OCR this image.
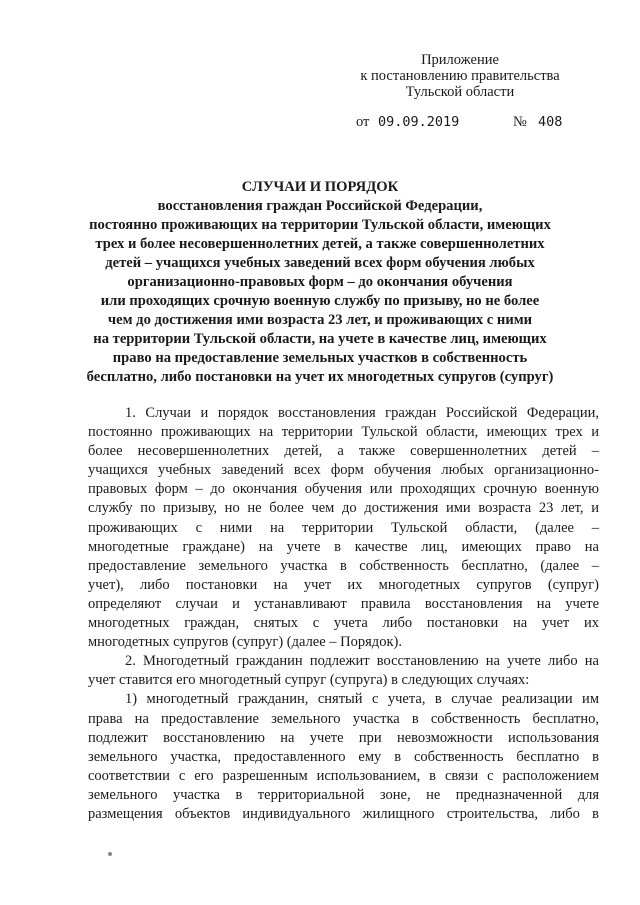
Приложение
к постановлению правительства
Тульской области
от 09.09.2019	№ 408
СЛУЧАИ И ПОРЯДОК
восстановления граждан Российской Федерации,
постоянно проживающих на территории Тульской области, имеющих
трех и более несовершеннолетних детей, а также совершеннолетних
детей – учащихся учебных заведений всех форм обучения любых
организационно-правовых форм – до окончания обучения
или проходящих срочную военную службу по призыву, но не более
чем до достижения ими возраста 23 лет, и проживающих с ними
на территории Тульской области, на учете в качестве лиц, имеющих
право на предоставление земельных участков в собственность
бесплатно, либо постановки на учет их многодетных супругов (супруг)

1. Случаи и порядок восстановления граждан Российской Федерации,
постоянно проживающих на территории Тульской области, имеющих трех и
более несовершеннолетних детей, а также совершеннолетних детей –
учащихся учебных заведений всех форм обучения любых организационно-
правовых форм – до окончания обучения или проходящих срочную военную
службу по призыву, но не более чем до достижения ими возраста 23 лет, и
проживающих с ними на территории Тульской области, (далее –
многодетные граждане) на учете в качестве лиц, имеющих право на
предоставление земельного участка в собственность бесплатно, (далее –
учет), либо постановки на учет их многодетных супругов (супруг)
определяют случаи и устанавливают правила восстановления на учете
многодетных граждан, снятых с учета либо постановки на учет их
многодетных супругов (супруг) (далее – Порядок).

2. Многодетный гражданин подлежит восстановлению на учете либо на
учет ставится его многодетный супруг (супруга) в следующих случаях:

1) многодетный гражданин, снятый с учета, в случае реализации им
права на предоставление земельного участка в собственность бесплатно,
подлежит восстановлению на учете при невозможности использования
земельного участка, предоставленного ему в собственность бесплатно в
соответствии с его разрешенным использованием, в связи с расположением
земельного участка в территориальной зоне, не предназначенной для
размещения объектов индивидуального жилищного строительства, либо в
